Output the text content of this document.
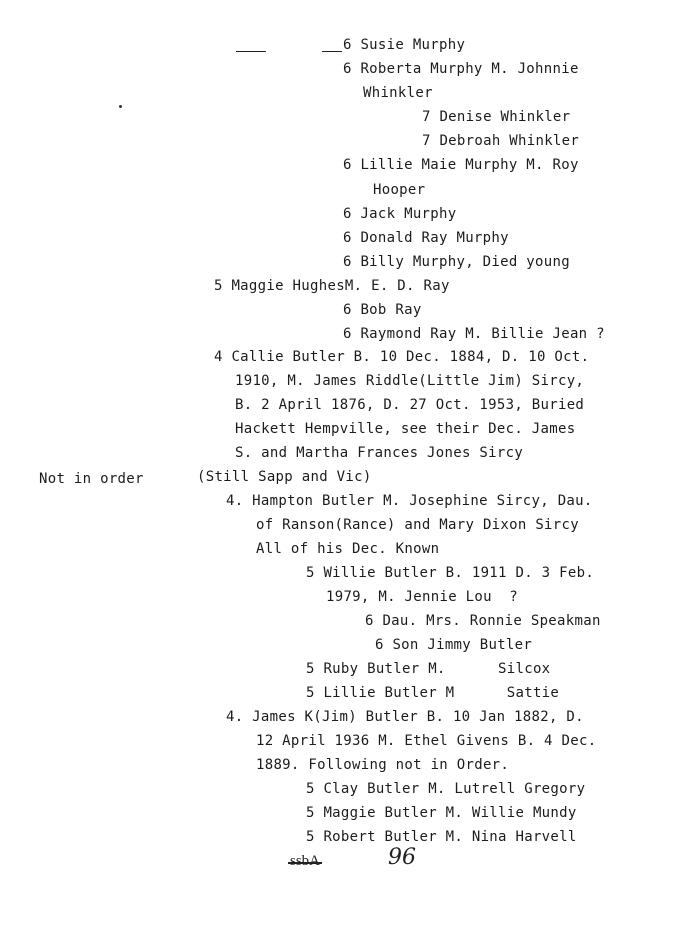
6 Susie Murphy
6 Roberta Murphy M. Johnnie
Whinkler
7 Denise Whinkler
7 Debroah Whinkler
6 Lillie Maie Murphy M. Roy
Hooper
6 Jack Murphy
6 Donald Ray Murphy
6 Billy Murphy, Died young
5 Maggie HughesM. E. D. Ray
6 Bob Ray
6 Raymond Ray M. Billie Jean ?
4 Callie Butler B. 10 Dec. 1884, D. 10 Oct.
1910, M. James Riddle(Little Jim) Sircy,
B. 2 April 1876, D. 27 Oct. 1953, Buried
Hackett Hempville, see their Dec. James
S. and Martha Frances Jones Sircy
Not in order	(Still Sapp and Vic)
4. Hampton Butler M. Josephine Sircy, Dau.
of Ranson(Rance) and Mary Dixon Sircy
All of his Dec. Known
5 Willie Butler B. 1911 D. 3 Feb.
1979, M. Jennie Lou  ?
6 Dau. Mrs. Ronnie Speakman
6 Son Jimmy Butler
5 Ruby Butler M.      Silcox
5 Lillie Butler M      Sattie
4. James K(Jim) Butler B. 10 Jan 1882, D.
12 April 1936 M. Ethel Givens B. 4 Dec.
1889. Following not in Order.
5 Clay Butler M. Lutrell Gregory
5 Maggie Butler M. Willie Mundy
5 Robert Butler M. Nina Harvell
ssbA	96
